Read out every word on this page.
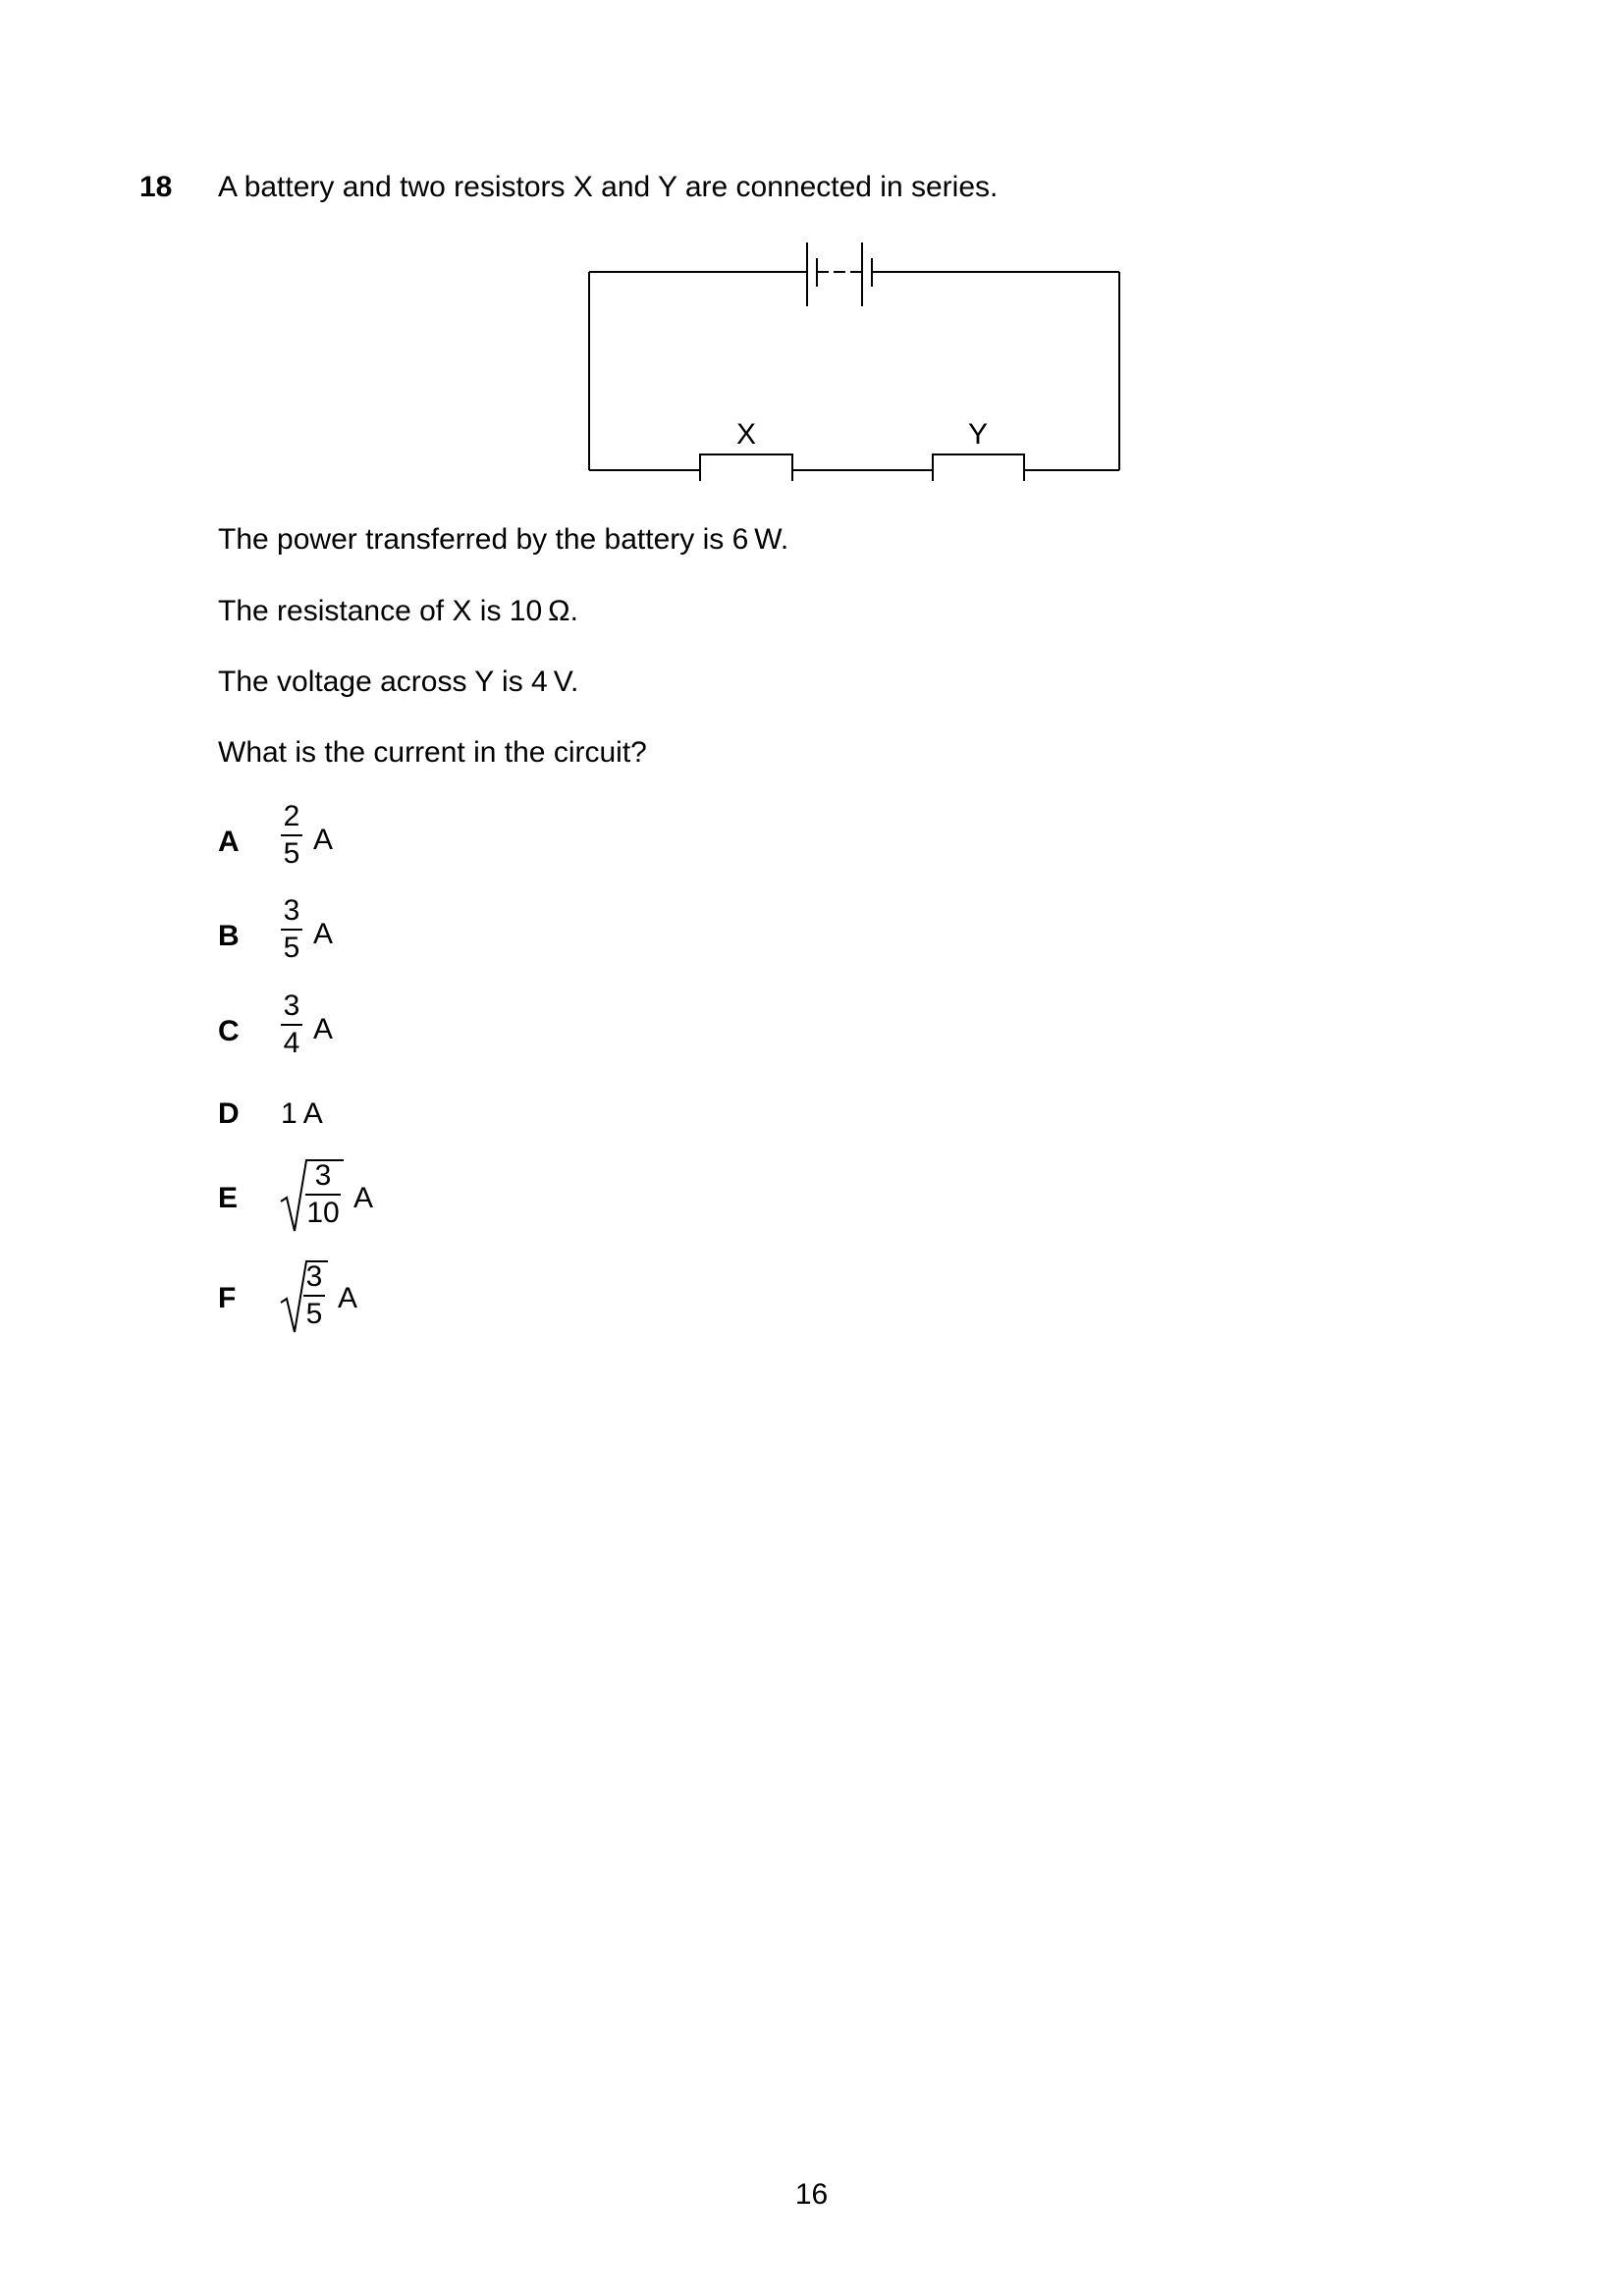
18 A battery and two resistors X and Y are connected in series.
X	Y
The power transferred by the battery is 6 W.
The resistance of X is 10 Ω.
The voltage across Y is 4 V.
What is the current in the circuit?
A
2
5 A
B
3
5 A
C
3
4 A
D 1 A
E
3
10 A
F
3
5 A
16
